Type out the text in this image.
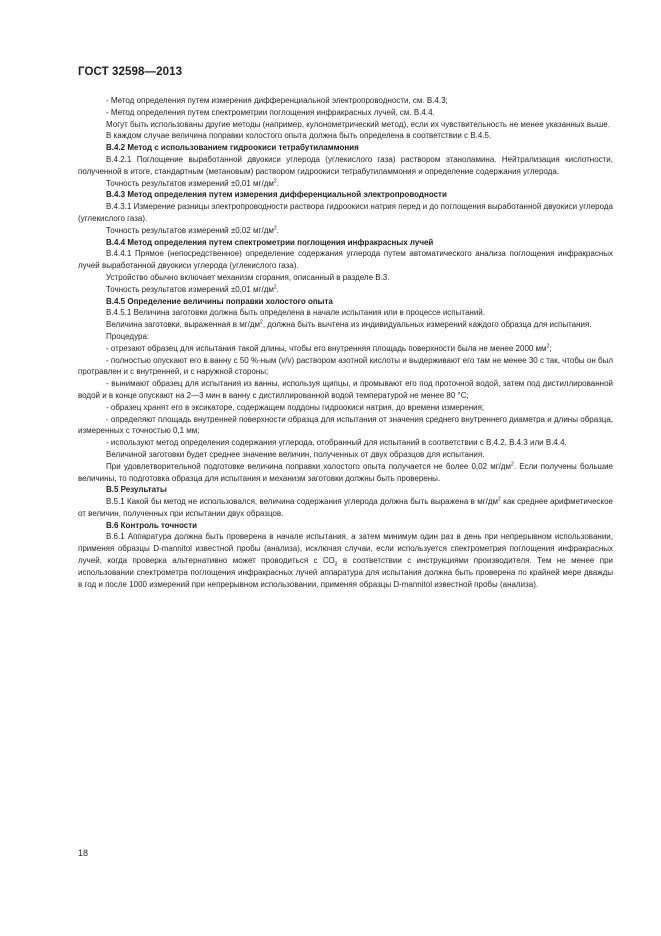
ГОСТ 32598—2013

- Метод определения путем измерения дифференциальной электропроводности, см. В.4.3;

- Метод определения путем спектрометрии поглощения инфракрасных лучей, см. В.4.4.

Могут быть использованы другие методы (например, кулонометрический метод), если их чувствительность не менее указанных выше.

В каждом случае величина поправки холостого опыта должна быть определена в соответствии с В.4.5.

В.4.2 Метод с использованием гидроокиси тетрабутиламмония

В.4.2.1 Поглощение выработанной двуокиси углерода (углекислого газа) раствором этаноламина. Нейтрализация кислотности, полученной в итоге, стандартным (метановым) раствором гидроокиси тетрабутиламмония и определение содержания углерода.

Точность результатов измерений ±0,01 $мг/дм^2$.

В.4.3 Метод определения путем измерения дифференциальной электропроводности

В.4.3.1 Измерение разницы электропроводности раствора гидроокиси натрия перед и до поглощения выработанной двуокиси углерода (углекислого газа).

Точность результатов измерений ±0,02 $мг/дм^2$.

В.4.4 Метод определения путем спектрометрии поглощения инфракрасных лучей

В.4.4.1 Прямое (непосредственное) определение содержания углерода путем автоматического анализа поглощения инфракрасных лучей выработанной двуокиси углерода (углекислого газа).

Устройство обычно включает механизм сгорания, описанный в разделе В.3.

Точность результатов измерений ±0,01 $мг/дм^2$.

В.4.5 Определение величины поправки холостого опыта

В.4.5.1 Величина заготовки должна быть определена в начале испытания или в процессе испытаний.

Величина заготовки, выраженная в $мг/дм^2$, должна быть вычтена из индивидуальных измерений каждого образца для испытания.

Процедура:

- отрезают образец для испытания такой длины, чтобы его внутренняя площадь поверхности была не менее 2000 $мм^2$;

- полностью опускают его в ванну с 50 %-ным (v/v) раствором азотной кислоты и выдерживают его там не менее 30 с так, чтобы он был протравлен и с внутренней, и с наружной стороны;

- вынимают образец для испытания из ванны, используя щипцы, и промывают его под проточной водой, затем под дистиллированной водой и в конце опускают на 2—3 мин в ванну с дистиллированной водой температурой не менее 80 °С;

- образец хранят его в эксикаторе, содержащем поддоны гидроокиси натрия, до времени измерения;

- определяют площадь внутренней поверхности образца для испытания от значения среднего внутреннего диаметра и длины образца, измеренных с точностью 0,1 мм;

- используют метод определения содержания углерода, отобранный для испытаний в соответствии с В.4.2, В.4.3 или В.4.4.

Величиной заготовки будет среднее значение величин, полученных от двух образцов для испытания.

При удовлетворительной подготовке величина поправки холостого опыта получается не более 0,02 $мг/дм^2$. Если получены большие величины, то подготовка образца для испытания и механизм заготовки должны быть проверены.

В.5 Результаты

В.5.1 Какой бы метод не использовался, величина содержания углерода должна быть выражена в $мг/дм^2$ как среднее арифметическое от величин, полученных при испытании двух образцов.

В.6 Контроль точности

В.6.1 Аппаратура должна быть проверена в начале испытания, а затем минимум один раз в день при непрерывном использовании, применяя образцы D-mannitol известной пробы (анализа), исключая случаи, если используется спектрометрия поглощения инфракрасных лучей, когда проверка альтернативно может проводиться с $СО_2$ в соответствии с инструкциями производителя. Тем не менее при использовании спектрометра поглощения инфракрасных лучей аппаратура для испытания должна быть проверена по крайней мере дважды в год и после 1000 измерений при непрерывном использовании, применяя образцы D-mannitol известной пробы (анализа).

18
